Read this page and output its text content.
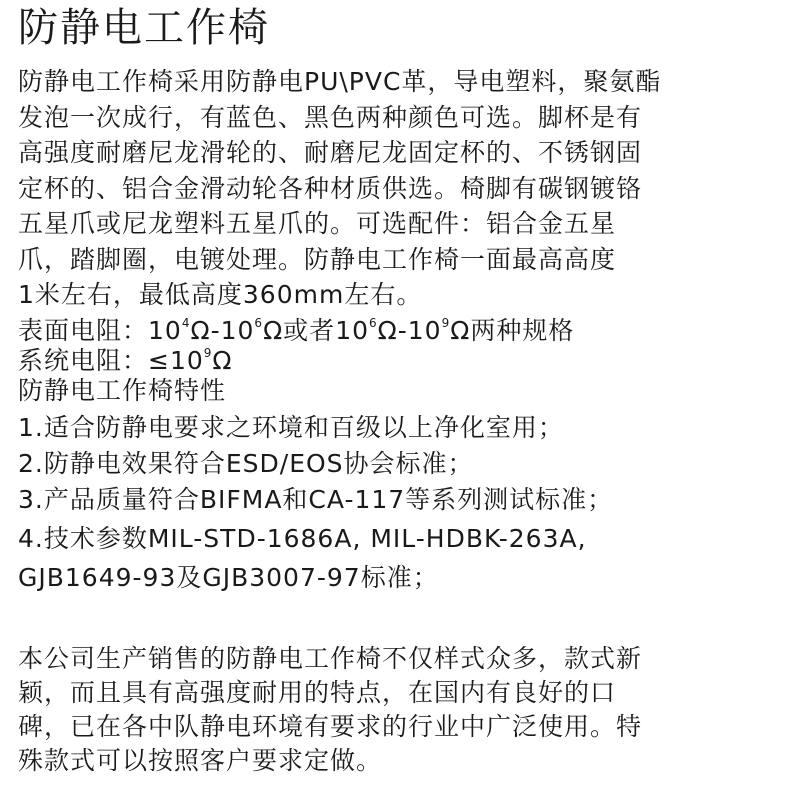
防静电工作椅
防静电工作椅采用防静电PU\PVC革，导电塑料，聚氨酯
发泡一次成行，有蓝色、黑色两种颜色可选。脚杯是有
高强度耐磨尼龙滑轮的、耐磨尼龙固定杯的、不锈钢固
定杯的、铝合金滑动轮各种材质供选。椅脚有碳钢镀铬
五星爪或尼龙塑料五星爪的。可选配件：铝合金五星
爪，踏脚圈，电镀处理。防静电工作椅一面最高高度
1米左右，最低高度360mm左右。
表面电阻：$10^4\Omega-10^6\Omega$或者$10^6\Omega-10^9\Omega$两种规格
系统电阻：$\le 10^9\Omega$
防静电工作椅特性
1.适合防静电要求之环境和百级以上净化室用；
2.防静电效果符合ESD/EOS协会标准；
3.产品质量符合BIFMA和CA-117等系列测试标准；
4.技术参数MIL-STD-1686A, MIL-HDBK-263A,
GJB1649-93及GJB3007-97标准；
本公司生产销售的防静电工作椅不仅样式众多，款式新
颖，而且具有高强度耐用的特点，在国内有良好的口
碑，已在各中队静电环境有要求的行业中广泛使用。特
殊款式可以按照客户要求定做。
